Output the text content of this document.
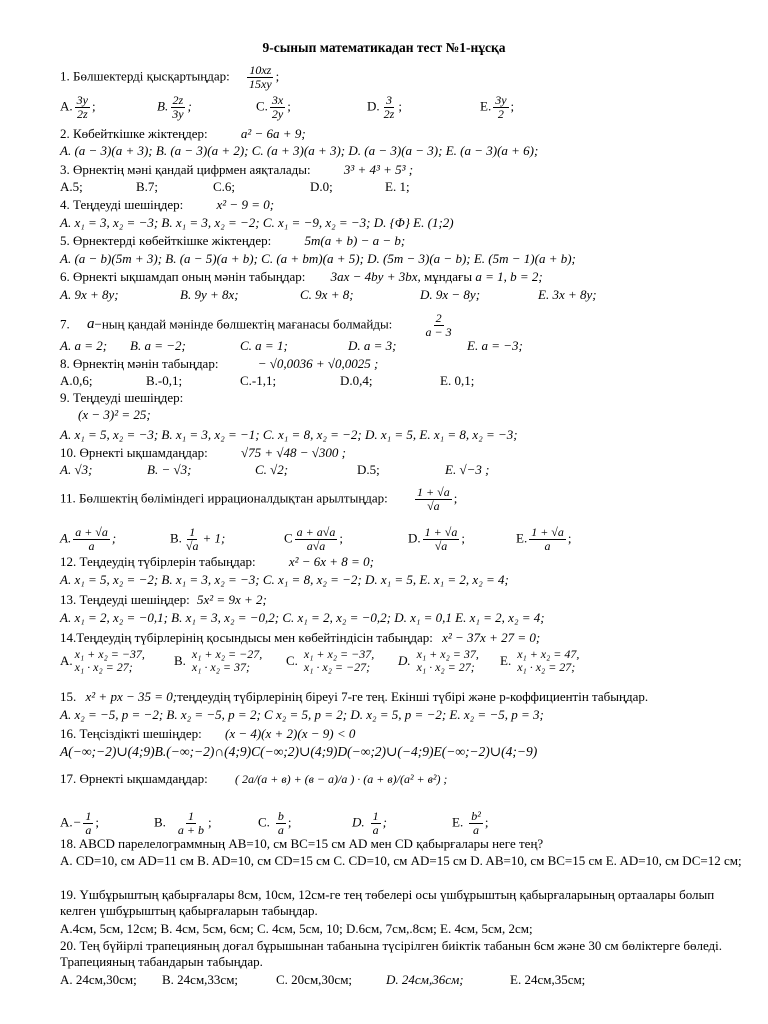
9-сынып математикадан тест №1-нұсқа
1. Бөлшектерді қысқартыңдар: $\frac{10xz}{15xy}$ ;
A. $\frac{3y}{2z}$ ;	B. $\frac{2z}{3y}$ ;	C. $\frac{3x}{2y}$ ;	D. $\frac{3}{2z}$ ;	E. $\frac{3y}{2}$ ;
2. Көбейткішке жіктеңдер:	a² − 6a + 9;
A. (a − 3)(a + 3); B. (a − 3)(a + 2); C. (a + 3)(a + 3); D. (a − 3)(a − 3); E. (a − 3)(a + 6);
3. Өрнектің мәні қандай цифрмен аяқталады:	3³ + 4³ + 5³ ;
A.5;	B.7;	C.6;	D.0;	E. 1;
4. Теңдеуді шешіңдер:	x² − 9 = 0;
A. x₁ = 3, x₂ = −3; B. x₁ = 3, x₂ = −2; C. x₁ = −9, x₂ = −3; D. {Φ} E. (1;2)
5. Өрнектерді көбейткішке жіктеңдер:	5m(a + b) − a − b;
A. (a − b)(5m + 3); B. (a − 5)(a + b); C. (a + bm)(a + 5); D. (5m − 3)(a − b); E. (5m − 1)(a + b);
6. Өрнекті ықшамдап оның мәнін табыңдар: 3ax − 4by + 3bx, мұндағы a = 1, b = 2;
A. 9x + 8y;	B. 9y + 8x;	C. 9x + 8;	D. 9x − 8y;	E. 3x + 8y;
7. a−ның қандай мәнінде бөлшектің мағанасы болмайды:	$\frac{2}{a - 3}$
A. a = 2; B. a = −2;	C. a = 1;	D. a = 3;	E. a = −3;
8. Өрнектің мәнін табыңдар:	− √0,0036 + √0,0025 ;
A.0,6;	B.-0,1;	C.-1,1;	D.0,4;	E. 0,1;
9. Теңдеуді шешіңдер:
(x − 3)² = 25;
A. x₁ = 5, x₂ = −3; B. x₁ = 3, x₂ = −1; C. x₁ = 8, x₂ = −2; D. x₁ = 5, E. x₁ = 8, x₂ = −3;
10. Өрнекті ықшамдаңдар:	√75 + √48 − √300 ;
A. √3;	B. − √3;	C. √2;	D.5;	E. √−3 ;
11. Бөлшектің бөліміндегі иррационалдықтан арылтыңдар: $\frac{1 + √a}{√a}$ ;
A. $\frac{a + √a}{a}$ ;	B. $\frac{1}{√a} + 1$;	C $\frac{a + a√a}{a√a}$ ;	D. $\frac{1 + √a}{√a}$ ;	E. $\frac{1 + √a}{a}$ ;
12. Теңдеудің түбірлерін табыңдар:	x² − 6x + 8 = 0;
A. x₁ = 5, x₂ = −2; B. x₁ = 3, x₂ = −3; C. x₁ = 8, x₂ = −2; D. x₁ = 5, E. x₁ = 2, x₂ = 4;
13. Теңдеуді шешіңдер: 5x² = 9x + 2;
A. x₁ = 2, x₂ = −0,1; B. x₁ = 3, x₂ = −0,2; C. x₁ = 2, x₂ = −0,2; D. x₁ = 0,1 E. x₁ = 2, x₂ = 4;
14.Теңдеудің түбірлерінің қосындысы мен көбейтіндісін табыңдар: x² − 37x + 27 = 0;
A. x₁ + x₂ = −37,
x₁ · x₂ = 27;	B. x₁ + x₂ = −27,
x₁ · x₂ = 37;	C. x₁ + x₂ = −37,
x₁ · x₂ = −27;	D. x₁ + x₂ = 37,
x₁ · x₂ = 27;	E. x₁ + x₂ = 47,
x₁ · x₂ = 27;
15. x² + px − 35 = 0;теңдеудің түбірлерінің біреуі 7-ге тең. Екінші түбірі және р-коффициентін табыңдар.
A. x₂ = −5, p = −2; B. x₂ = −5, p = 2; C x₂ = 5, p = 2; D. x₂ = 5, p = −2; E. x₂ = −5, p = 3;
16. Теңсіздікті шешіңдер: (x − 4)(x + 2)(x − 9) < 0
A(−∞;−2)∪(4;9)B.(−∞;−2)∩(4;9)C(−∞;2)∪(4;9)D(−∞;2)∪(−4;9)E(−∞;−2)∪(4;−9)
17. Өрнекті ықшамдаңдар: ( 2a/(a + в) + (в − a)/a ) · (a + в)/(a² + в²) ;
$A.- \frac{1}{a}$ ;	B. $\frac{1}{a + b}$ ;	C. $\frac{b}{a}$ ;	D. $\frac{1}{a}$ ;	E. $\frac{\text{b²}}{a}$ ;
18. ABCD парелелограммның AB=10, см BC=15 см AD мен CD қабырғалары неге тең?
A. CD=10, см AD=11 см B. AD=10, см CD=15 см C. CD=10, см AD=15 см D. AB=10, см BC=15 см E. AD=10, см DC=12 см;
19. Үшбұрыштың қабырғалары 8см, 10см, 12см-ге тең төбелері осы үшбұрыштың қабырғаларының ортаалары болып келген үшбұрыштың қабырғаларын табыңдар.
A.4см, 5см, 12см; B. 4см, 5см, 6см; C. 4см, 5см, 10; D.6см, 7см,.8см; E. 4см, 5см, 2см;
20. Тең бүйірлі трапецияның доғал бұрышынан табанына түсірілген биіктік табанын 6см және 30 см бөліктерге бөледі. Трапецияның табандарын табыңдар.
A. 24см,30см; B. 24см,33см;	C. 20см,30см;	D. 24см,36см;	E. 24см,35см;
